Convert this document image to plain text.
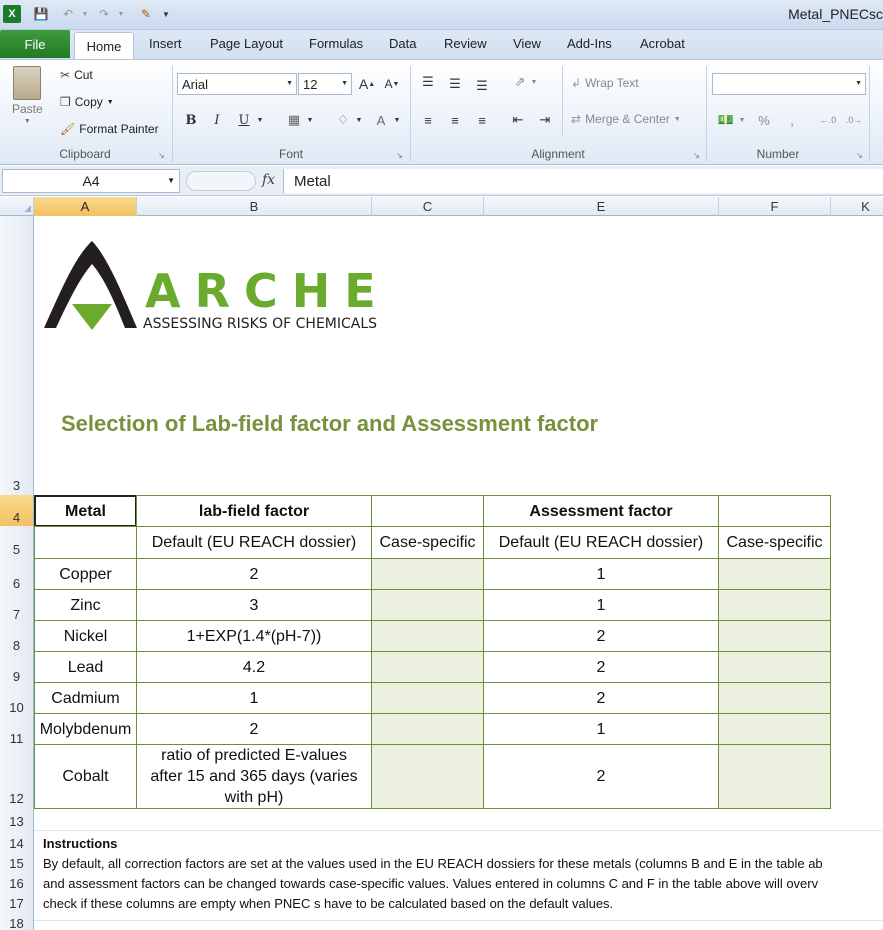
X	💾	↶	▼ ↷	▼	✎	▼	Metal_PNECsc
File	Home	Insert Page Layout Formulas Data Review View Add-Ins Acrobat
Paste
▼
✂ Cut
❐ Copy ▼
🖌 Format Painter
Clipboard	↘
Arial	▼ 12	▼ A ▲ A ▼
B	I	U	▼ ▦ ▼	♢ ▼	A	▼
Font	↘
☰	☰	☰	⇗ ▼
≡	≡	≡	⇤	⇥
↲ Wrap Text
⇄ Merge & Center ▼
Alignment	↘
▼
💵 ▼ %	,	←.0 .0→
Number	↘
A4	▼	fx	Metal
◢	A	B	C	E	F	K
3
4
5
6
7
8
9
10
11
12
13
14
15
16
17
18
ARCHE
ASSESSING RISKS OF CHEMICALS
Selection of Lab-field factor and Assessment factor
Metal	lab-field factor	Assessment factor
Default (EU REACH dossier)	Case-specific	Default (EU REACH dossier)	Case-specific
Copper	2	1
Zinc	3	1
Nickel	1+EXP(1.4*(pH-7))	2
Lead	4.2	2
Cadmium	1	2
Molybdenum	2	1
Cobalt
ratio of predicted E-values after 15 and 365 days (varies with pH)
2
Instructions
By default, all correction factors are set at the values used in the EU REACH dossiers for these metals (columns B and E in the table ab
and assessment factors can be changed towards case-specific values. Values entered in columns C and F in the table above will overv
check if these columns are empty when PNEC s have to be calculated based on the default values.
